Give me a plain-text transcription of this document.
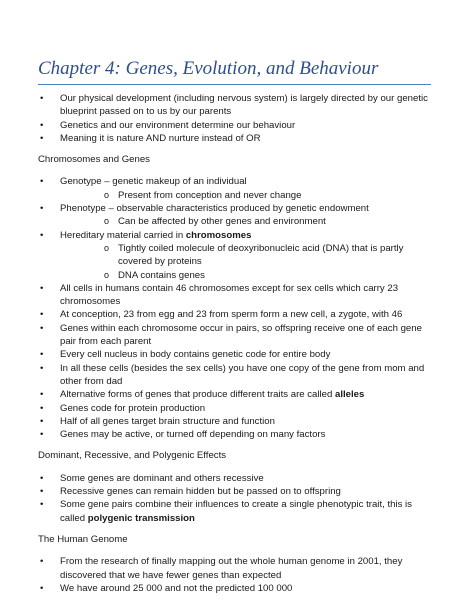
Chapter 4: Genes, Evolution, and Behaviour
• Our physical development (including nervous system) is largely directed by our genetic blueprint passed on to us by our parents
• Genetics and our environment determine our behaviour
• Meaning it is nature AND nurture instead of OR

Chromosomes and Genes

• Genotype – genetic makeup of an individual
o Present from conception and never change
• Phenotype – observable characteristics produced by genetic endowment
o Can be affected by other genes and environment
• Hereditary material carried in chromosomes
o Tightly coiled molecule of deoxyribonucleic acid (DNA) that is partly covered by proteins
o DNA contains genes
• All cells in humans contain 46 chromosomes except for sex cells which carry 23 chromosomes
• At conception, 23 from egg and 23 from sperm form a new cell, a zygote, with 46
• Genes within each chromosome occur in pairs, so offspring receive one of each gene pair from each parent
• Every cell nucleus in body contains genetic code for entire body
• In all these cells (besides the sex cells) you have one copy of the gene from mom and other from dad
• Alternative forms of genes that produce different traits are called alleles
• Genes code for protein production
• Half of all genes target brain structure and function
• Genes may be active, or turned off depending on many factors

Dominant, Recessive, and Polygenic Effects

• Some genes are dominant and others recessive
• Recessive genes can remain hidden but be passed on to offspring
• Some gene pairs combine their influences to create a single phenotypic trait, this is called polygenic transmission

The Human Genome

• From the research of finally mapping out the whole human genome in 2001, they discovered that we have fewer genes than expected
• We have around 25 000 and not the predicted 100 000
